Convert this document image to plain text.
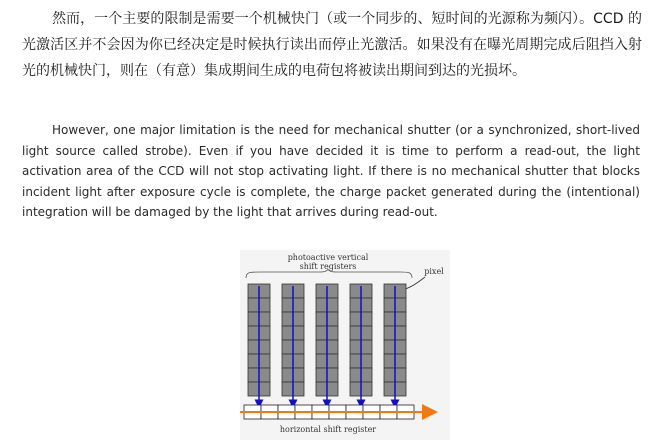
然而，一个主要的限制是需要一个机械快门（或一个同步的、短时间的光源称为频闪）。CCD 的光激活区并不会因为你已经决定是时候执行读出而停止光激活。如果没有在曝光周期完成后阻挡入射光的机械快门，则在（有意）集成期间生成的电荷包将被读出期间到达的光损坏。
However, one major limitation is the need for mechanical shutter (or a synchronized, short-lived light source called strobe). Even if you have decided it is time to perform a read-out, the light activation area of the CCD will not stop activating light. If there is no mechanical shutter that blocks incident light after exposure cycle is complete, the charge packet generated during the (intentional) integration will be damaged by the light that arrives during read-out.
photoactive vertical
shift registers
pixel
horizontal shift register
